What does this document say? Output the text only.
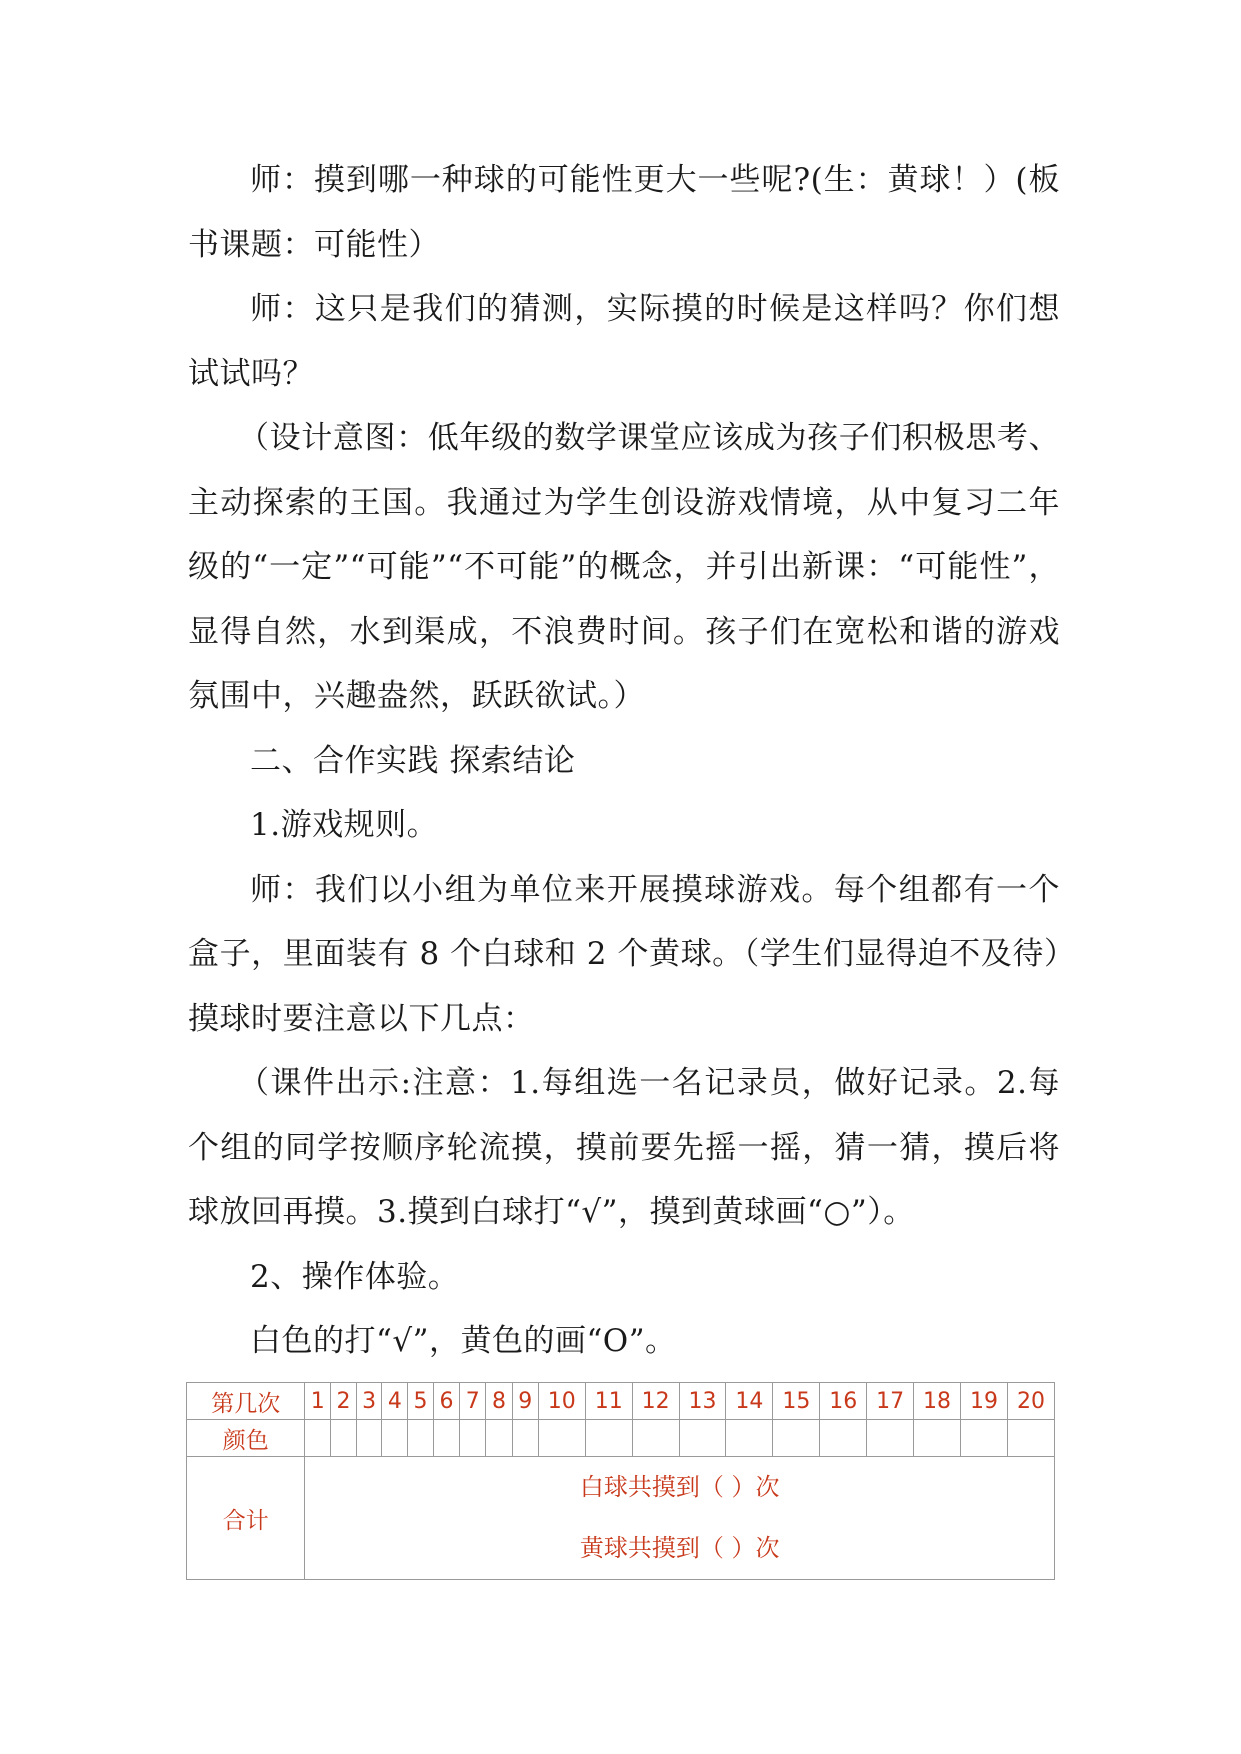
师：摸到哪一种球的可能性更大一些呢?(生：黄球！）(板书课题：可能性）

师：这只是我们的猜测，实际摸的时候是这样吗？你们想试试吗？

（设计意图：低年级的数学课堂应该成为孩子们积极思考、主动探索的王国。我通过为学生创设游戏情境，从中复习二年级的“一定”“可能”“不可能”的概念，并引出新课：“可能性”，显得自然，水到渠成，不浪费时间。孩子们在宽松和谐的游戏氛围中，兴趣盎然，跃跃欲试。）

二、合作实践 探索结论

1.游戏规则。

师：我们以小组为单位来开展摸球游戏。每个组都有一个盒子，里面装有 8 个白球和 2 个黄球。（学生们显得迫不及待）摸球时要注意以下几点：

（课件出示:注意：1.每组选一名记录员，做好记录。2.每个组的同学按顺序轮流摸，摸前要先摇一摇，猜一猜，摸后将球放回再摸。3.摸到白球打“√”，摸到黄球画“○”）。

2、操作体验。

白色的打“√”，黄色的画“O”。

第几次	1	2	3	4	5	6	7	8	9	10	11	12	13	14	15	16	17	18	19	20
颜色																				
合计	白球共摸到（ ）次
黄球共摸到（ ）次																			
